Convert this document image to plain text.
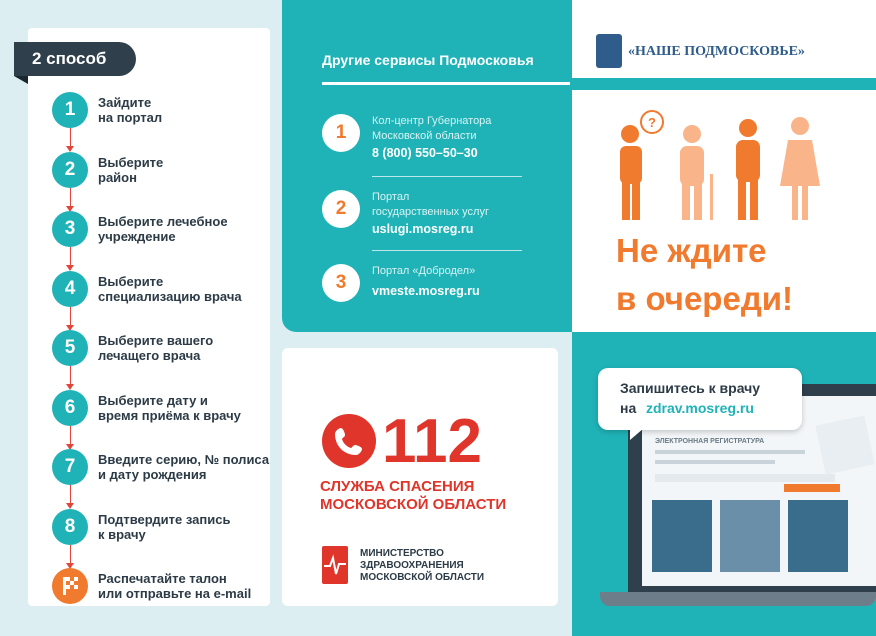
2 способ
1	Зайдите
на портал
2	Выберите
район
3	Выберите лечебное
учреждение
4	Выберите
специализацию врача
5	Выберите вашего
лечащего врача
6	Выберите дату и
время приёма к врачу
7	Введите серию, № полиса
и дату рождения
8	Подтвердите запись
к врачу
Распечатайте талон
или отправьте на e-mail
Другие сервисы Подмосковья
1
Кол-центр Губернатора
Московской области
8 (800) 550–50–30
2
Портал
государственных услуг
uslugi.mosreg.ru
3
Портал «Добродел»
vmeste.mosreg.ru
112
СЛУЖБА СПАСЕНИЯ
МОСКОВСКОЙ ОБЛАСТИ
МИНИСТЕРСТВО
ЗДРАВООХРАНЕНИЯ
МОСКОВСКОЙ ОБЛАСТИ
«НАШЕ ПОДМОСКОВЬЕ»
?
Не ждите
в очереди!
ЭЛЕКТРОННАЯ РЕГИСТРАТУРА
Запишитесь к врачу
на zdrav.mosreg.ru
